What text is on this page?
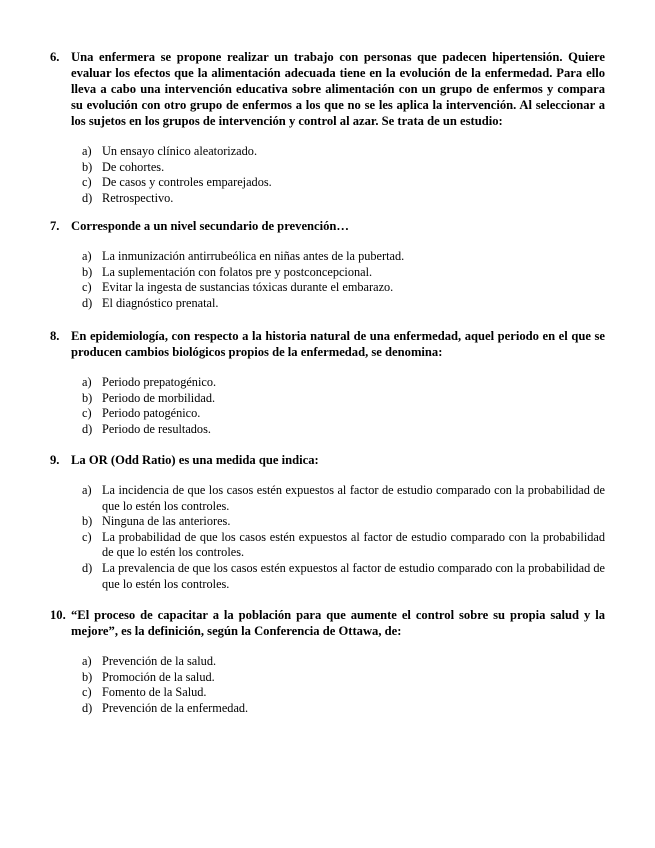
6. Una enfermera se propone realizar un trabajo con personas que padecen hipertensión. Quiere evaluar los efectos que la alimentación adecuada tiene en la evolución de la enfermedad. Para ello lleva a cabo una intervención educativa sobre alimentación con un grupo de enfermos y compara su evolución con otro grupo de enfermos a los que no se les aplica la intervención. Al seleccionar a los sujetos en los grupos de intervención y control al azar. Se trata de un estudio:
a) Un ensayo clínico aleatorizado.
b) De cohortes.
c) De casos y controles emparejados.
d) Retrospectivo.
7. Corresponde a un nivel secundario de prevención…
a) La inmunización antirrubeólica en niñas antes de la pubertad.
b) La suplementación con folatos pre y postconcepcional.
c) Evitar la ingesta de sustancias tóxicas durante el embarazo.
d) El diagnóstico prenatal.
8. En epidemiología, con respecto a la historia natural de una enfermedad, aquel periodo en el que se producen cambios biológicos propios de la enfermedad, se denomina:
a) Periodo prepatogénico.
b) Periodo de morbilidad.
c) Periodo patogénico.
d) Periodo de resultados.
9. La OR (Odd Ratio) es una medida que indica:
a) La incidencia de que los casos estén expuestos al factor de estudio comparado con la probabilidad de que lo estén los controles.
b) Ninguna de las anteriores.
c) La probabilidad de que los casos estén expuestos al factor de estudio comparado con la probabilidad de que lo estén los controles.
d) La prevalencia de que los casos estén expuestos al factor de estudio comparado con la probabilidad de que lo estén los controles.
10. “El proceso de capacitar a la población para que aumente el control sobre su propia salud y la mejore”, es la definición, según la Conferencia de Ottawa, de:
a) Prevención de la salud.
b) Promoción de la salud.
c) Fomento de la Salud.
d) Prevención de la enfermedad.
